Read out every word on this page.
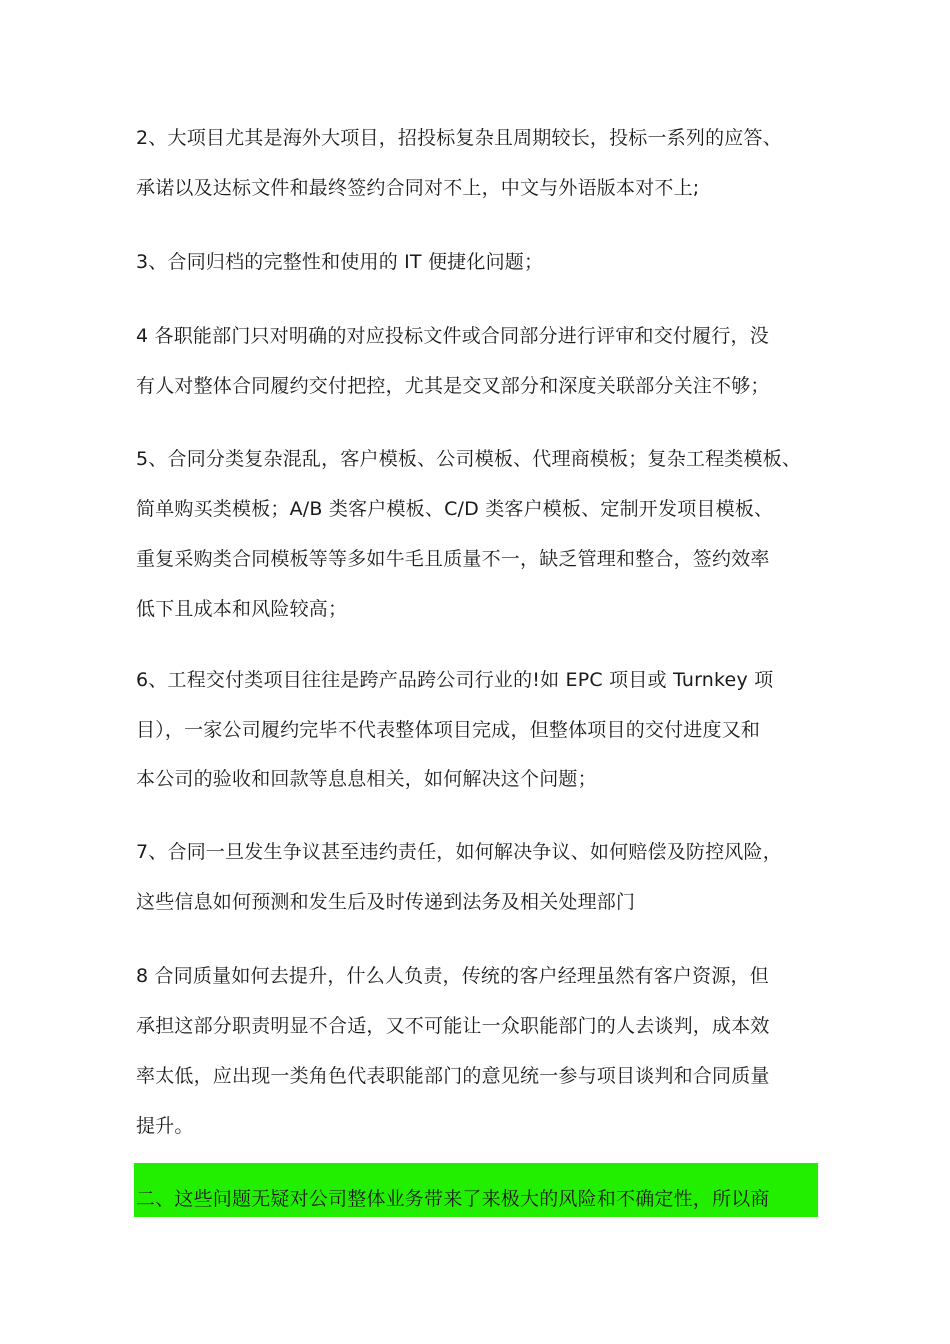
2、大项目尤其是海外大项目，招投标复杂且周期较长，投标一系列的应答、
承诺以及达标文件和最终签约合同对不上，中文与外语版本对不上;
3、合同归档的完整性和使用的 IT 便捷化问题；
4 各职能部门只对明确的对应投标文件或合同部分进行评审和交付履行，没
有人对整体合同履约交付把控，尤其是交叉部分和深度关联部分关注不够；
5、合同分类复杂混乱，客户模板、公司模板、代理商模板；复杂工程类模板、
简单购买类模板；A/B 类客户模板、C/D 类客户模板、定制开发项目模板、
重复采购类合同模板等等多如牛毛且质量不一，缺乏管理和整合，签约效率
低下且成本和风险较高；
6、工程交付类项目往往是跨产品跨公司行业的!如 EPC 项目或 Turnkey 项
目），一家公司履约完毕不代表整体项目完成，但整体项目的交付进度又和
本公司的验收和回款等息息相关，如何解决这个问题；
7、合同一旦发生争议甚至违约责任，如何解决争议、如何赔偿及防控风险，
这些信息如何预测和发生后及时传递到法务及相关处理部门
8 合同质量如何去提升，什么人负责，传统的客户经理虽然有客户资源，但
承担这部分职责明显不合适，又不可能让一众职能部门的人去谈判，成本效
率太低，应出现一类角色代表职能部门的意见统一参与项目谈判和合同质量
提升。
二、这些问题无疑对公司整体业务带来了来极大的风险和不确定性，所以商
